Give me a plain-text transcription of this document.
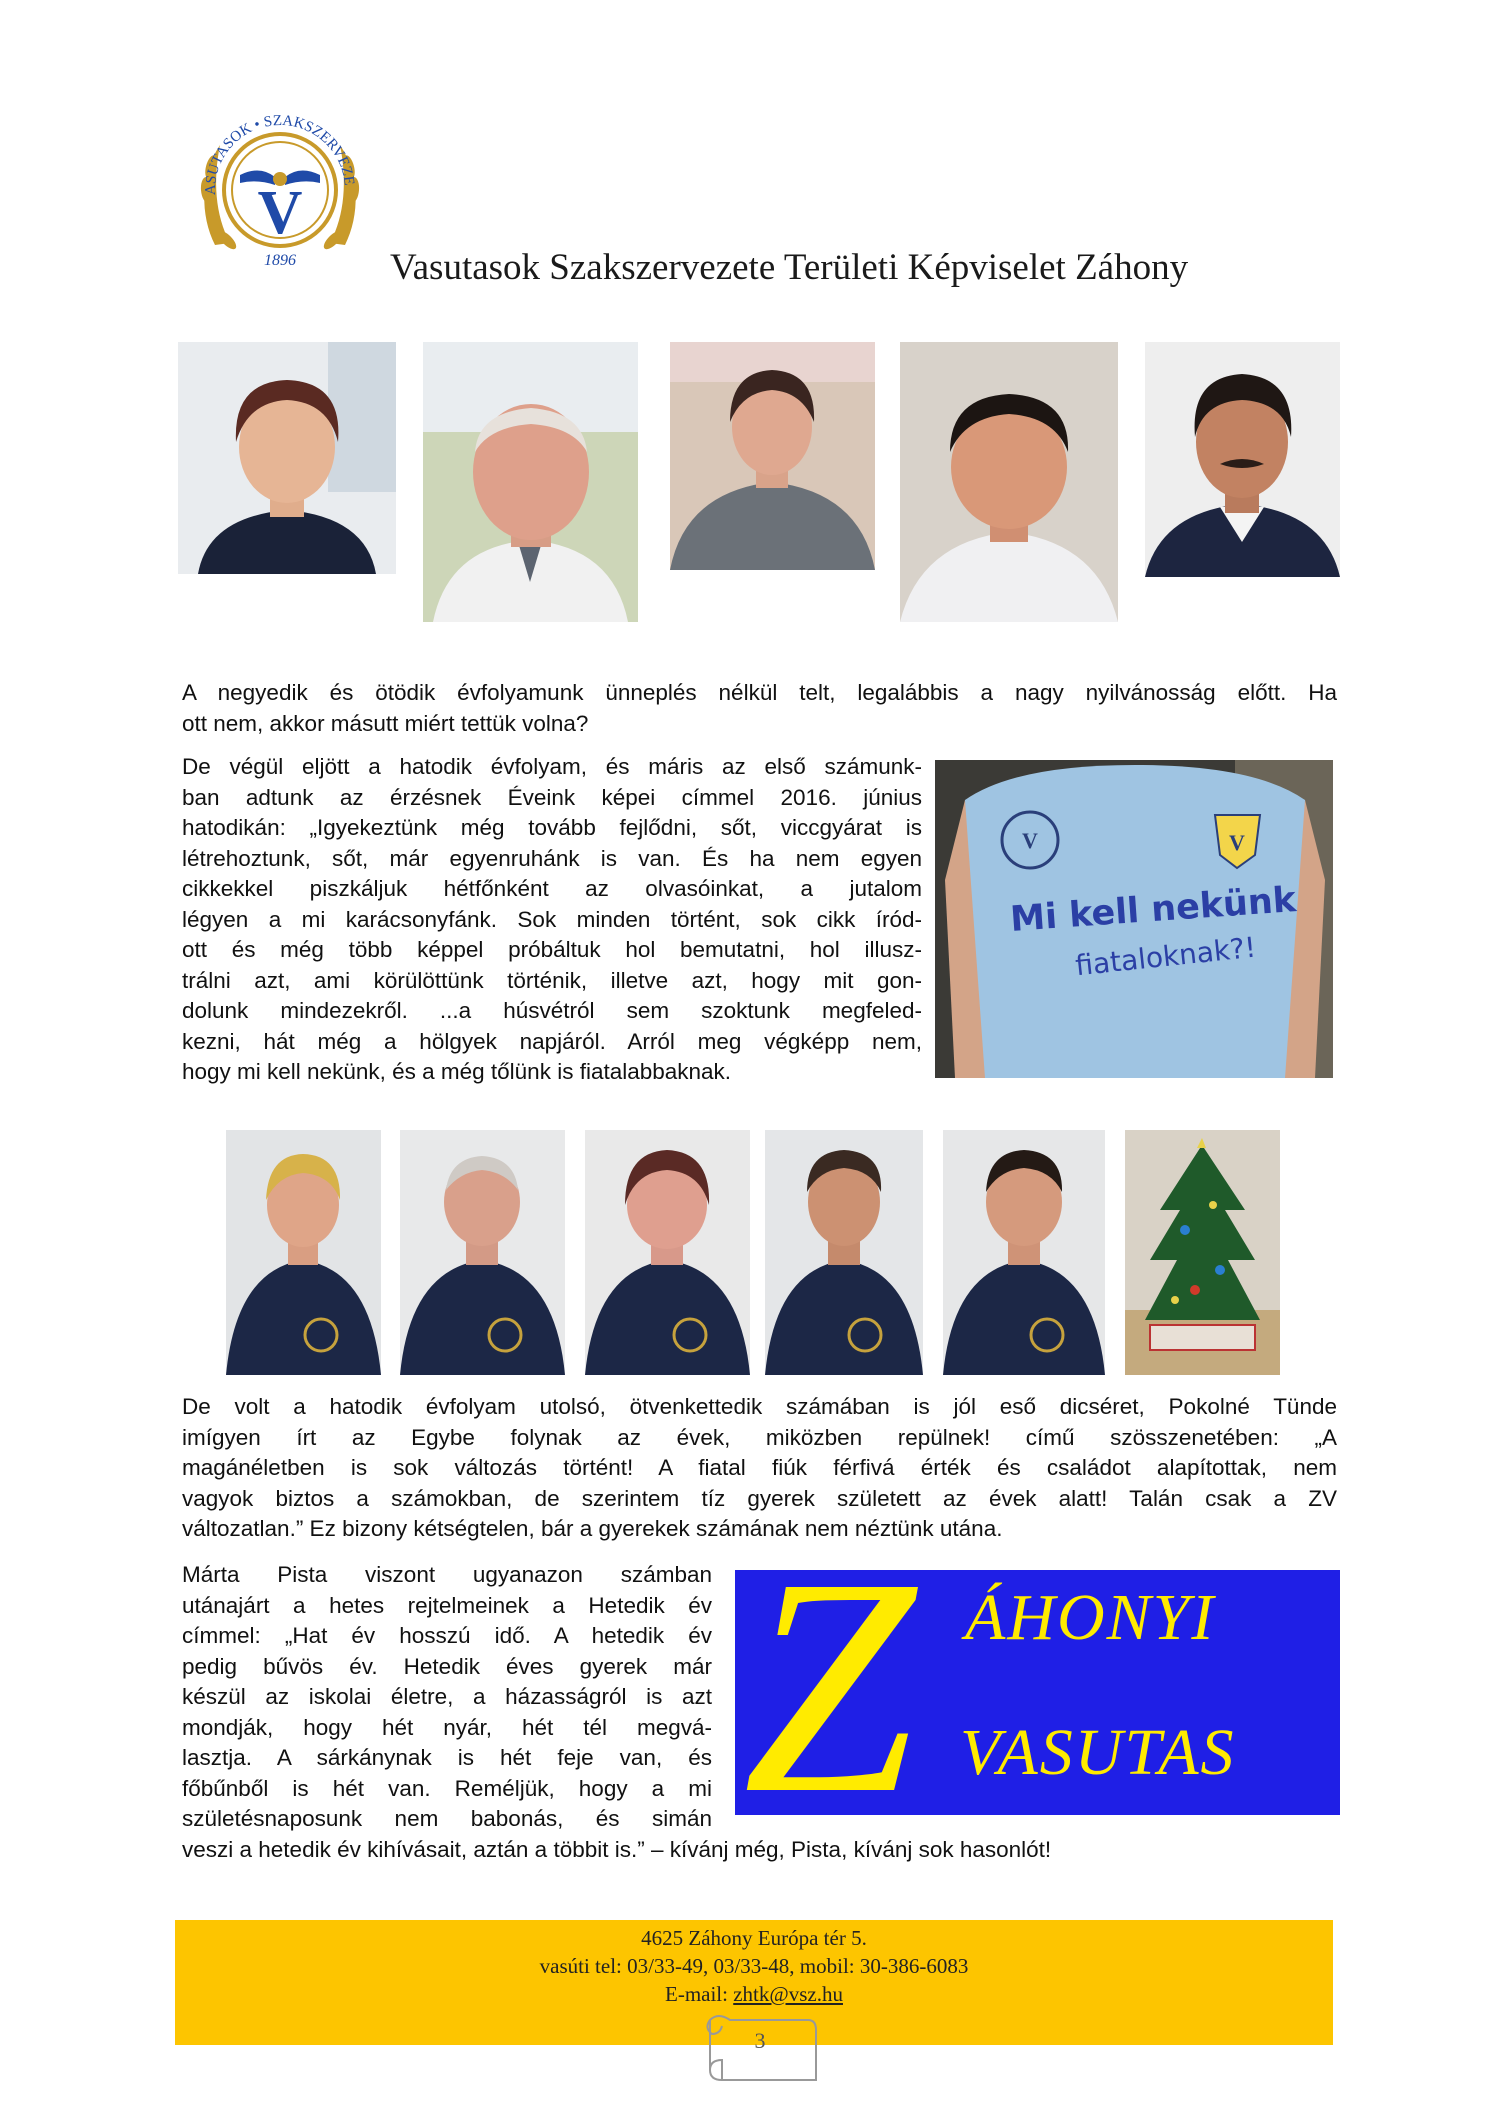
ASUTASOK • SZAKSZERVEZE
V
1896	Vasutasok Szakszervezete Területi Képviselet Záhony
A negyedik és ötödik évfolyamunk ünneplés nélkül telt, legalábbis a nagy nyilvánosság előtt. Ha
ott nem, akkor másutt miért tettük volna?
De végül eljött a hatodik évfolyam, és máris az első számunk-
ban adtunk az érzésnek Éveink képei címmel 2016. június
hatodikán: „Igyekeztünk még tovább fejlődni, sőt, viccgyárat is
létrehoztunk, sőt, már egyenruhánk is van. És ha nem egyen
cikkekkel piszkáljuk hétfőnként az olvasóinkat, a jutalom
légyen a mi karácsonyfánk. Sok minden történt, sok cikk íród-
ott és még több képpel próbáltuk hol bemutatni, hol illusz-
trálni azt, ami körülöttünk történik, illetve azt, hogy mit gon-
dolunk mindezekről. ...a húsvétról sem szoktunk megfeled-
kezni, hát még a hölgyek napjáról. Arról meg végképp nem,
hogy mi kell nekünk, és a még tőlünk is fiatalabbaknak.
V	V
Mi kell nekünk
fiataloknak?!
De volt a hatodik évfolyam utolsó, ötvenkettedik számában is jól eső dicséret, Pokolné Tünde
imígyen írt az Egybe folynak az évek, miközben repülnek! című szösszenetében: „A
magánéletben is sok változás történt! A fiatal fiúk férfivá érték és családot alapítottak, nem
vagyok biztos a számokban, de szerintem tíz gyerek született az évek alatt! Talán csak a ZV
változatlan.” Ez bizony kétségtelen, bár a gyerekek számának nem néztünk utána.
Márta Pista viszont ugyanazon számban
utánajárt a hetes rejtelmeinek a Hetedik év
címmel: „Hat év hosszú idő. A hetedik év
pedig bűvös év. Hetedik éves gyerek már
készül az iskolai életre, a házasságról is azt
mondják, hogy hét nyár, hét tél megvá-
lasztja. A sárkánynak is hét feje van, és
főbűnből is hét van. Reméljük, hogy a mi
születésnaposunk nem babonás, és simán
veszi a hetedik év kihívásait, aztán a többit is.” – kívánj még, Pista, kívánj sok hasonlót!
Z ÁHONYI
VASUTAS
4625 Záhony Európa tér 5.
vasúti tel: 03/33-49, 03/33-48, mobil: 30-386-6083
E-mail: zhtk@vsz.hu
3
